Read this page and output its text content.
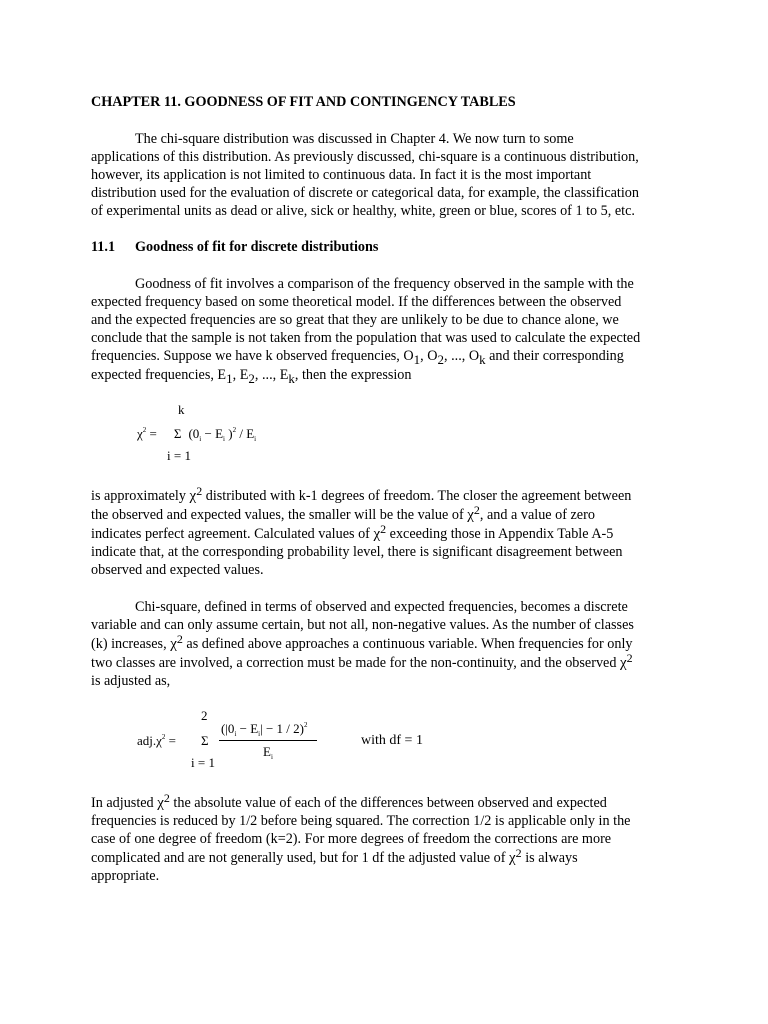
CHAPTER 11. GOODNESS OF FIT AND CONTINGENCY TABLES
The chi-square distribution was discussed in Chapter 4. We now turn to some
applications of this distribution. As previously discussed, chi-square is a continuous distribution,
however, its application is not limited to continuous data. In fact it is the most important
distribution used for the evaluation of discrete or categorical data, for example, the classification
of experimental units as dead or alive, sick or healthy, white, green or blue, scores of 1 to 5, etc.
11.1 Goodness of fit for discrete distributions
Goodness of fit involves a comparison of the frequency observed in the sample with the
expected frequency based on some theoretical model. If the differences between the observed
and the expected frequencies are so great that they are unlikely to be due to chance alone, we
conclude that the sample is not taken from the population that was used to calculate the expected
frequencies. Suppose we have k observed frequencies, $O_1$, $O_2$, ..., $O_k$ and their corresponding
expected frequencies, $E_1$, $E_2$, ..., $E_k$, then the expression
k
$\chi^2 = \Sigma$ ($0_i - E_i$ )$^2 / E_i$
i = 1
is approximately $\chi^2$ distributed with k-1 degrees of freedom. The closer the agreement between
the observed and expected values, the smaller will be the value of $\chi^2$, and a value of zero
indicates perfect agreement. Calculated values of $\chi^2$ exceeding those in Appendix Table A-5
indicate that, at the corresponding probability level, there is significant disagreement between
observed and expected values.
Chi-square, defined in terms of observed and expected frequencies, becomes a discrete
variable and can only assume certain, but not all, non-negative values. As the number of classes
(k) increases, $\chi^2$ as defined above approaches a continuous variable. When frequencies for only
two classes are involved, a correction must be made for the non-continuity, and the observed $\chi^2$
is adjusted as,
2
$adj.\chi^2 = \Sigma$
$(|0_i - E_i| - 1 / 2)^2$
$E_i$
i = 1
with df = 1
In adjusted $\chi^2$ the absolute value of each of the differences between observed and expected
frequencies is reduced by 1/2 before being squared. The correction 1/2 is applicable only in the
case of one degree of freedom (k=2). For more degrees of freedom the corrections are more
complicated and are not generally used, but for 1 df the adjusted value of $\chi^2$ is always
appropriate.
